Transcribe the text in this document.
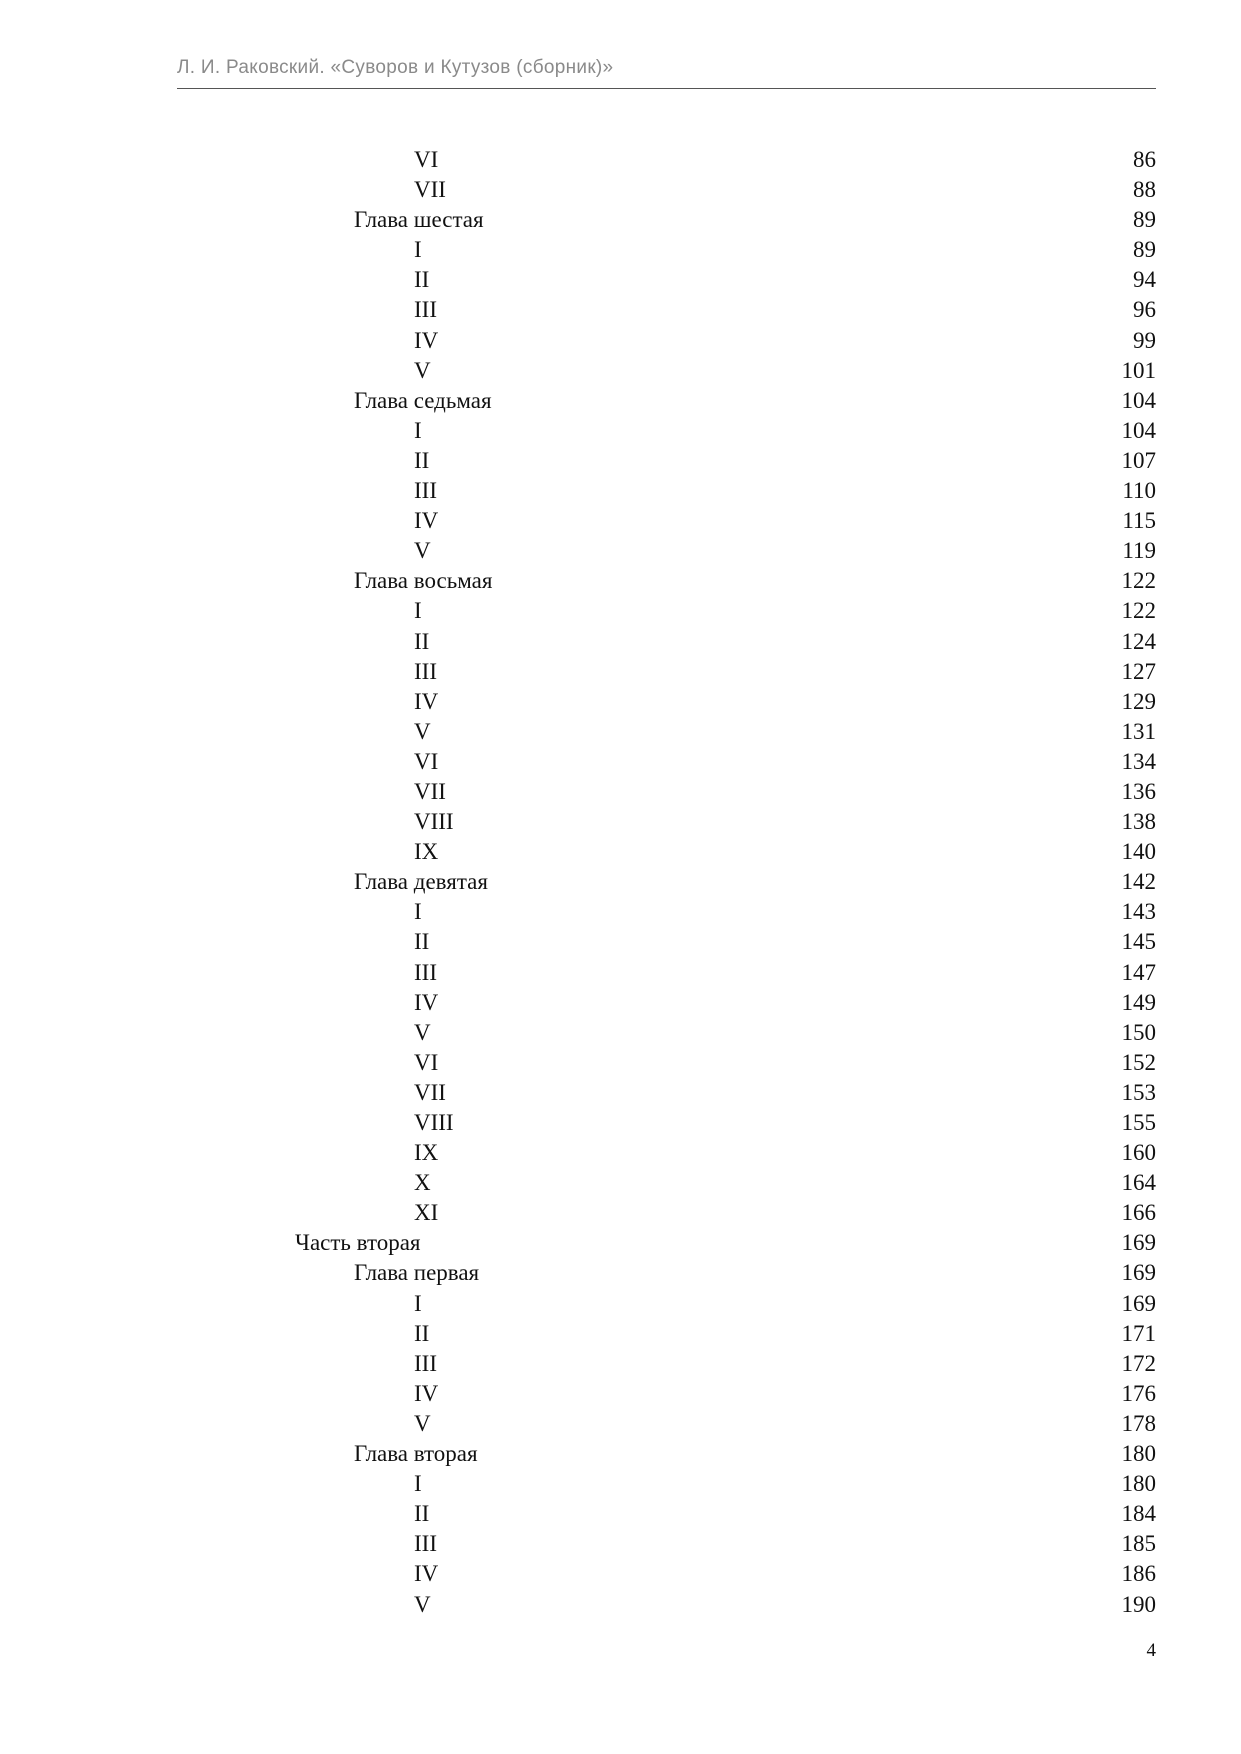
Л. И. Раковский. «Суворов и Кутузов (сборник)»
VI	86
VII	88
Глава шестая	89
I	89
II	94
III	96
IV	99
V	101
Глава седьмая	104
I	104
II	107
III	110
IV	115
V	119
Глава восьмая	122
I	122
II	124
III	127
IV	129
V	131
VI	134
VII	136
VIII	138
IX	140
Глава девятая	142
I	143
II	145
III	147
IV	149
V	150
VI	152
VII	153
VIII	155
IX	160
X	164
XI	166
Часть вторая	169
Глава первая	169
I	169
II	171
III	172
IV	176
V	178
Глава вторая	180
I	180
II	184
III	185
IV	186
V	190
4
